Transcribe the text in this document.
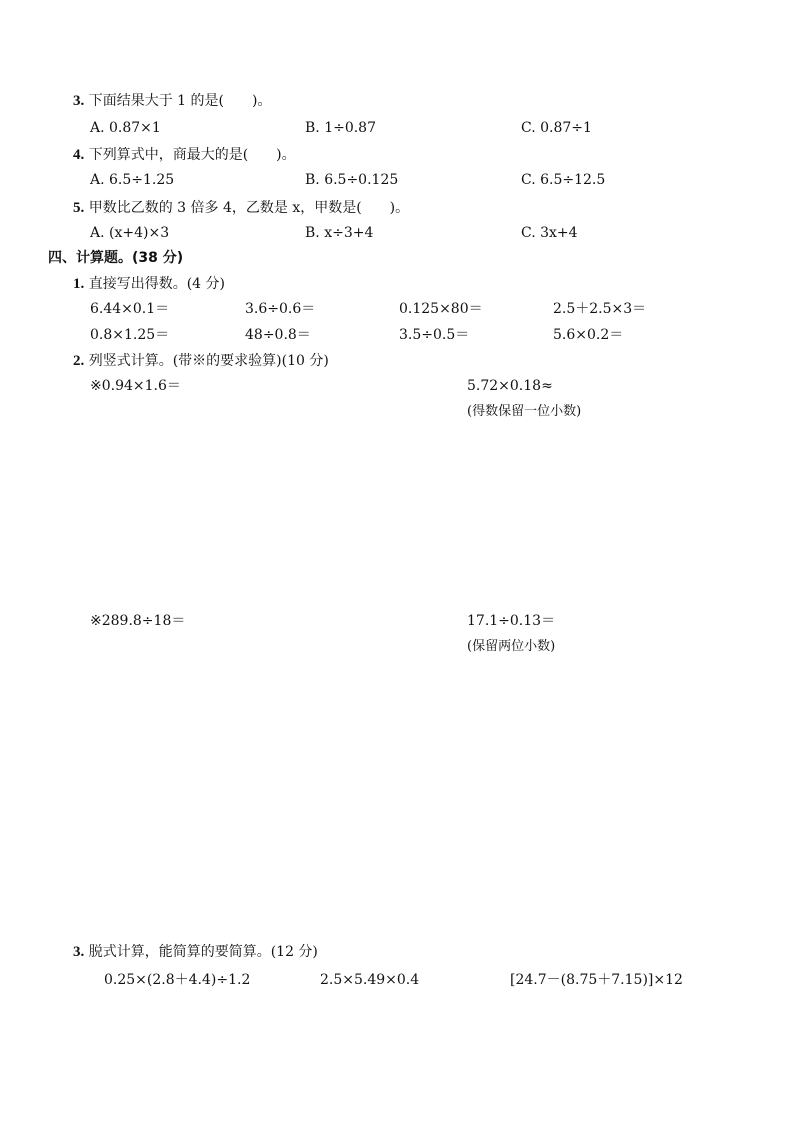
3. 下面结果大于 1 的是(　　)。
A. 0.87×1	B. 1÷0.87	C. 0.87÷1
4. 下列算式中，商最大的是(　　)。
A. 6.5÷1.25	B. 6.5÷0.125	C. 6.5÷12.5
5. 甲数比乙数的 3 倍多 4，乙数是 x，甲数是(　　)。
A. (x+4)×3	B. x÷3+4	C. 3x+4
四、计算题。(38 分)
1. 直接写出得数。(4 分)
6.44×0.1＝	3.6÷0.6＝	0.125×80＝	2.5＋2.5×3＝
0.8×1.25＝	48÷0.8＝	3.5÷0.5＝	5.6×0.2＝
2. 列竖式计算。(带※的要求验算)(10 分)
※0.94×1.6＝	5.72×0.18≈
(得数保留一位小数)
※289.8÷18＝	17.1÷0.13＝
(保留两位小数)
3. 脱式计算，能简算的要简算。(12 分)
0.25×(2.8＋4.4)÷1.2	2.5×5.49×0.4	[24.7－(8.75＋7.15)]×12
